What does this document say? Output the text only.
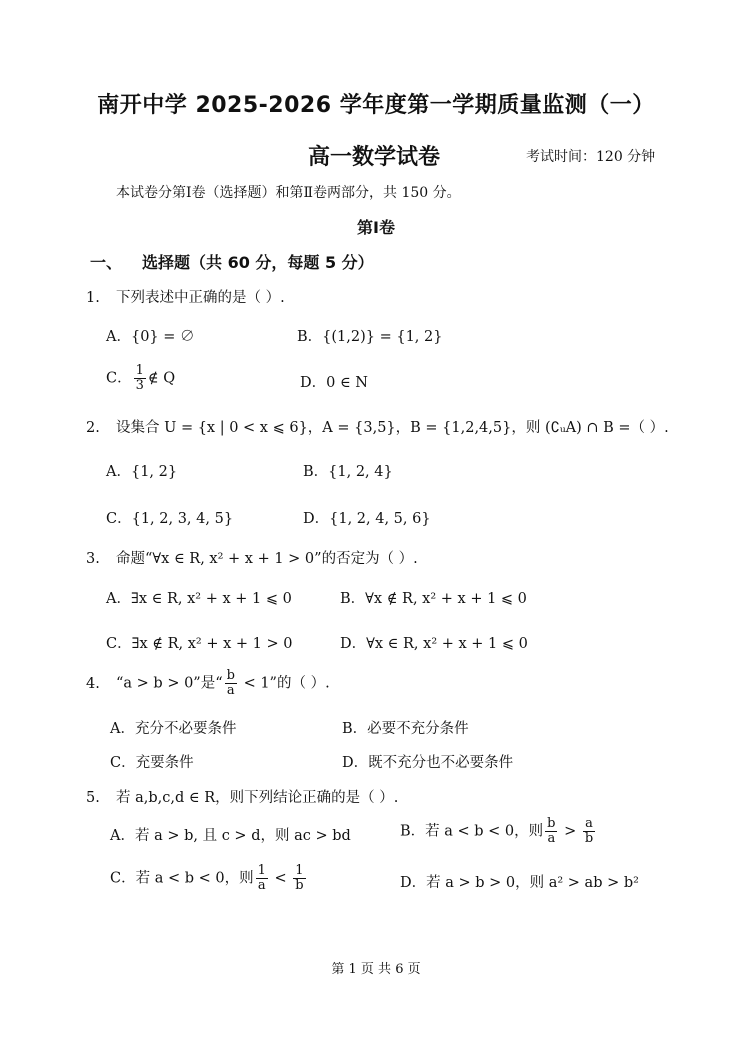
南开中学 2025-2026 学年度第一学期质量监测（一）
高一数学试卷	考试时间：120 分钟
本试卷分第Ⅰ卷（选择题）和第Ⅱ卷两部分，共 150 分。
第Ⅰ卷
一、 选择题（共 60 分，每题 5 分）
1. 下列表述中正确的是（ ）.
A．{0} = ∅	B．{(1,2)} = {1, 2}
C． $\frac{1}{3}$ ∉ Q	D．0 ∈ N
2. 设集合 U = {x | 0 < x ⩽ 6}，A = {3,5}，B = {1,2,4,5}，则 (∁ᵤA) ∩ B =（ ）.
A．{1, 2}	B．{1, 2, 4}
C．{1, 2, 3, 4, 5}	D．{1, 2, 4, 5, 6}
3. 命题“∀x ∈ R, x² + x + 1 > 0”的否定为（ ）.
A．∃x ∈ R, x² + x + 1 ⩽ 0	B．∀x ∉ R, x² + x + 1 ⩽ 0
C．∃x ∉ R, x² + x + 1 > 0	D．∀x ∈ R, x² + x + 1 ⩽ 0
4. “a > b > 0”是“ $\frac{b}{a} < 1$”的（ ）.
A．充分不必要条件	B．必要不充分条件
C．充要条件	D．既不充分也不必要条件
5. 若 a,b,c,d ∈ R，则下列结论正确的是（ ）.
A．若 a > b, 且 c > d，则 ac > bd	B．若 a < b < 0，则 $\frac{b}{a} > \frac{a}{b}$
C．若 a < b < 0，则 $\frac{1}{a} < \frac{1}{b}$	D．若 a > b > 0，则 a² > ab > b²
第 1 页 共 6 页
